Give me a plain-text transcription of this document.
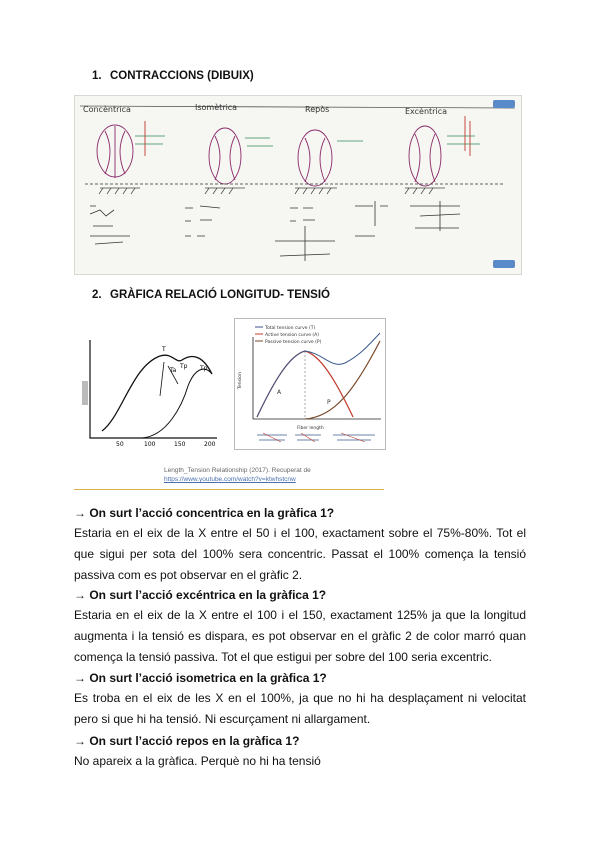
1. CONTRACCIONS (DIBUIX)
Concèntrica	Isomètrica	Repòs	Excèntrica
2. GRÀFICA RELACIÓ LONGITUD- TENSIÓ
T
Ta
Tp Tp
50	100	150	200
Total tension curve (T)
Active tension curve (A)
Passive tension curve (P)
A
P
Tension
Fiber length
Length_Tension Relationship (2017). Recuperat de
https://www.youtube.com/watch?v=ktwhstcnw
→ On surt l’acció concentrica en la gràfica 1?
Estaria en el eix de la X entre el 50 i el 100, exactament sobre el 75%-80%. Tot el que sigui per sota del 100% sera concentric. Passat el 100% comença la tensió passiva com es pot observar en el gràfic 2.
→ On surt l’acció excéntrica en la gràfica 1?
Estaria en el eix de la X entre el 100 i el 150, exactament 125% ja que la longitud augmenta i la tensió es dispara, es pot observar en el gràfic 2 de color marró quan comença la tensió passiva. Tot el que estigui per sobre del 100 seria excentric.
→ On surt l’acció isometrica en la gràfica 1?
Es troba en el eix de les X en el 100%, ja que no hi ha desplaçament ni velocitat pero si que hi ha tensió. Ni escurçament ni allargament.
→ On surt l’acció repos en la gràfica 1?
No apareix a la gràfica. Perquè no hi ha tensió
